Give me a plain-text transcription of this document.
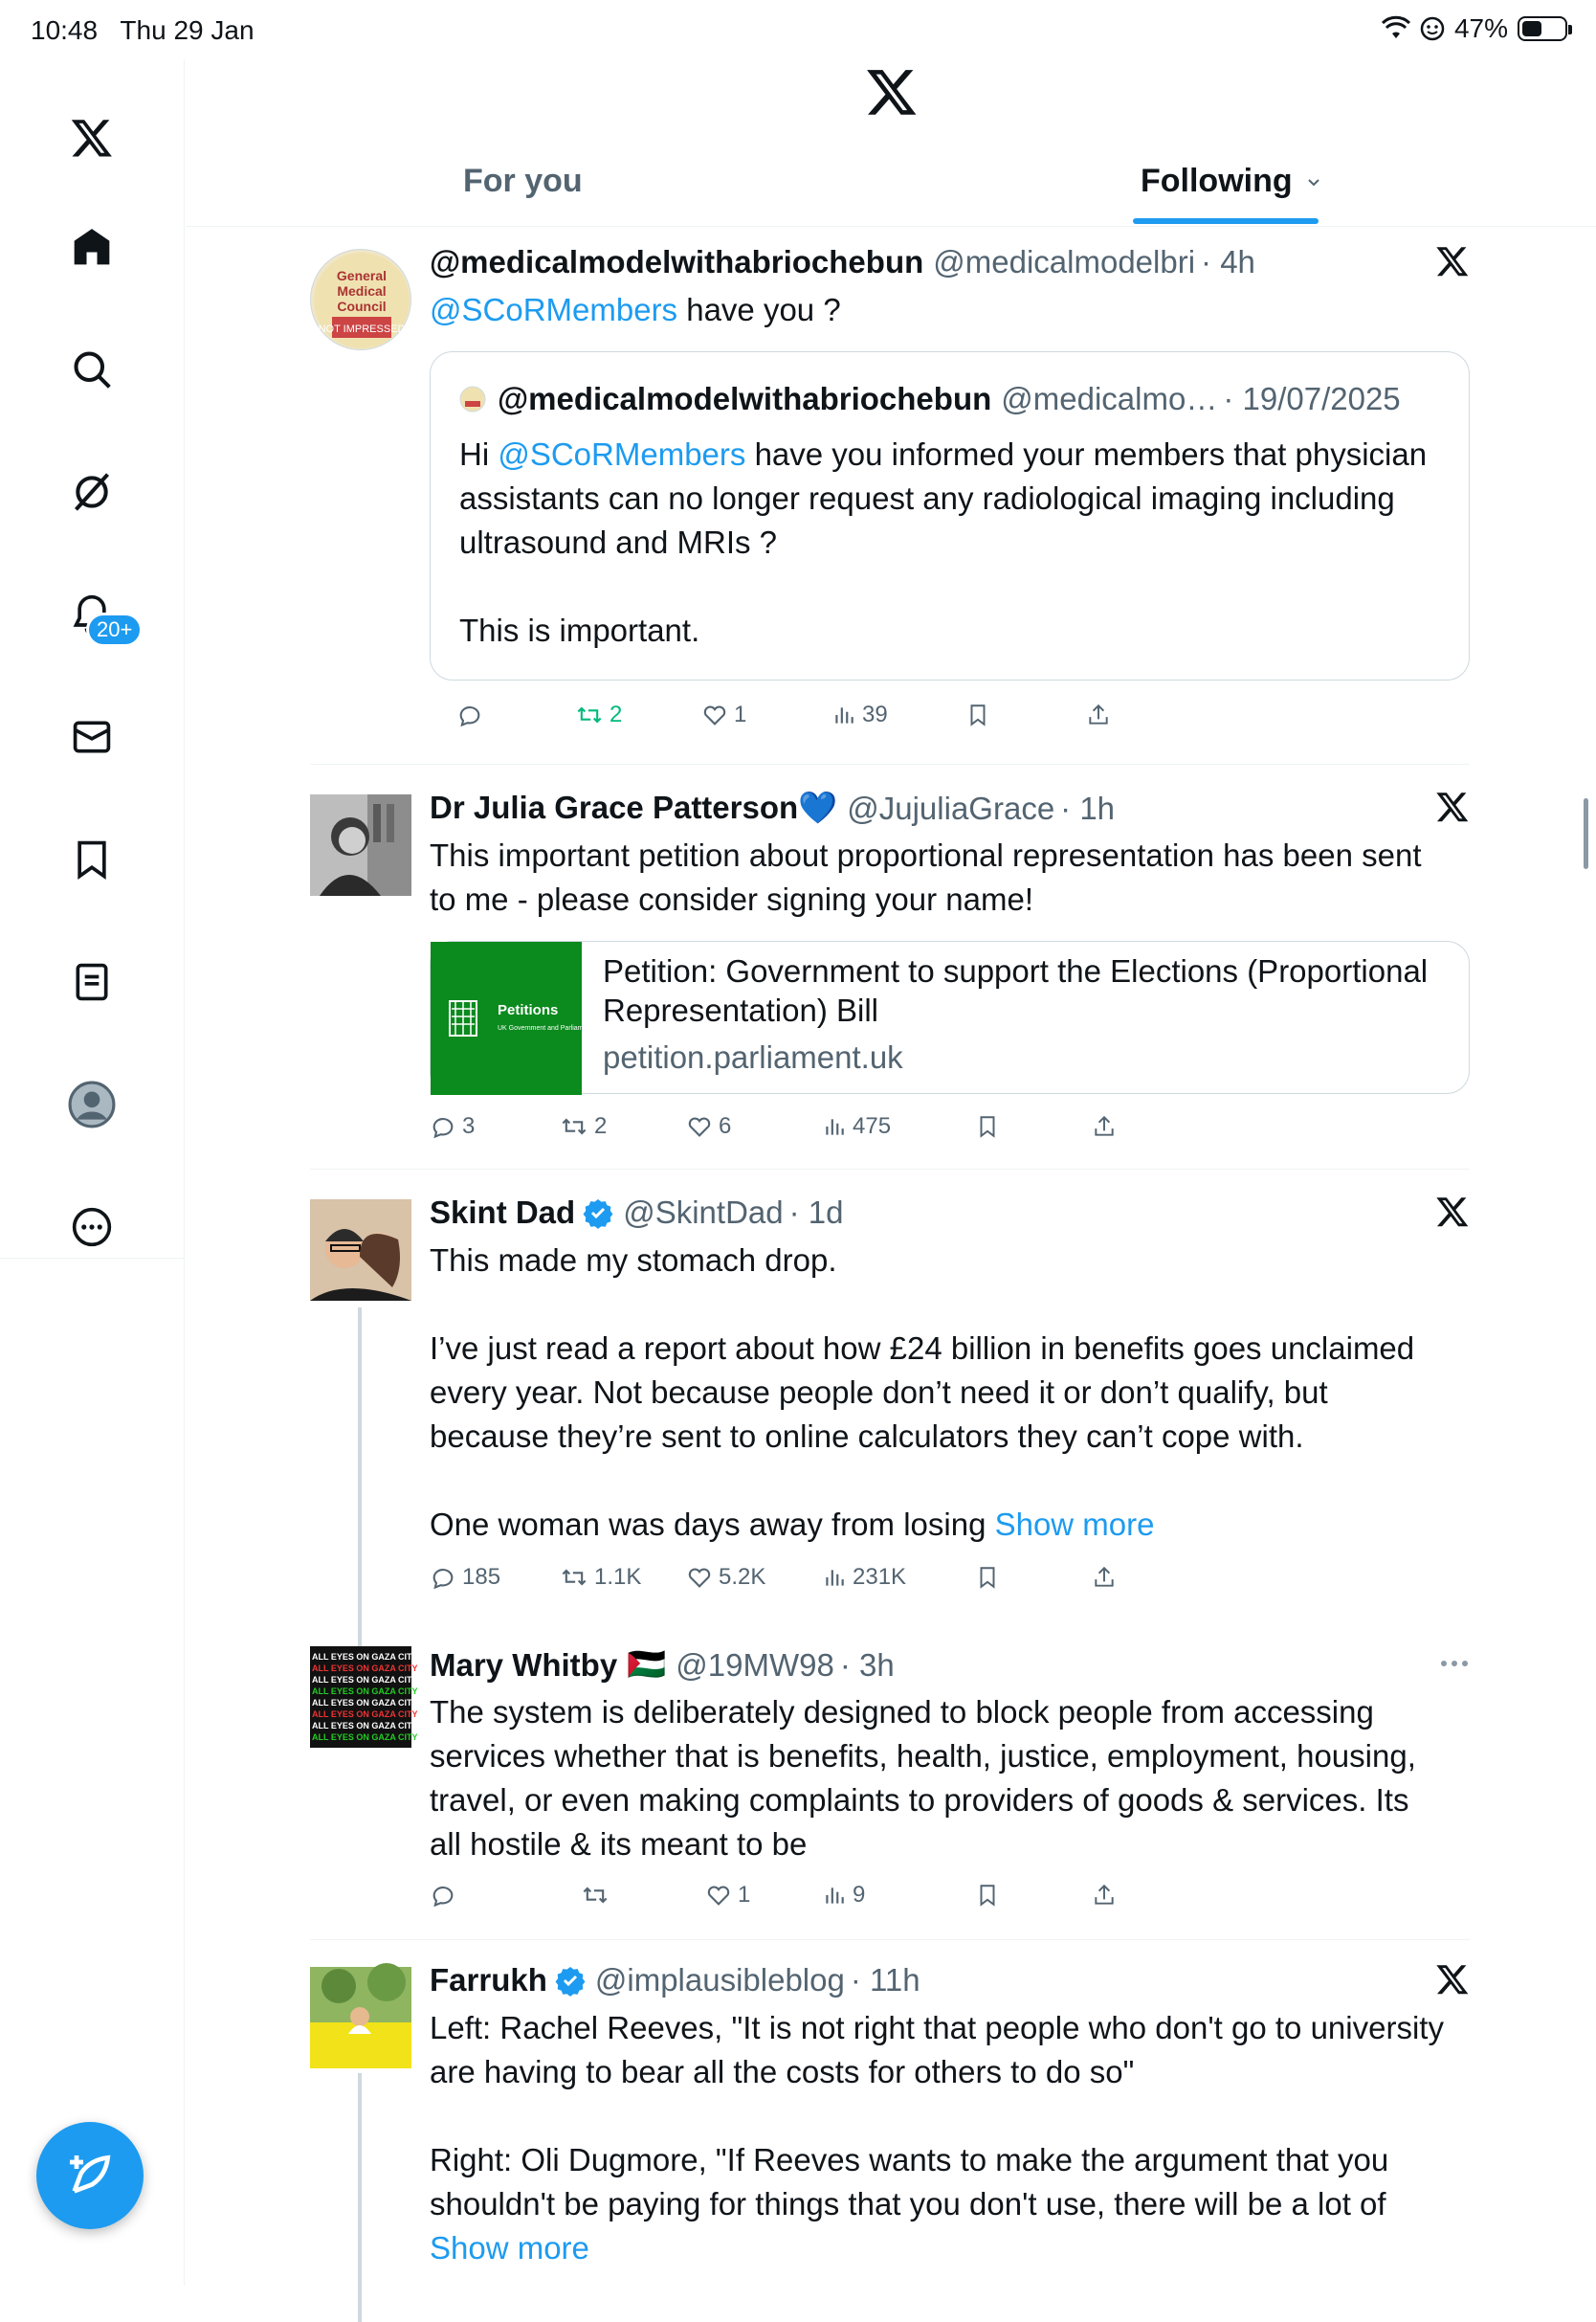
10:48 Thu 29 Jan	47%
20+
For you	Following
General
Medical
Council
NOT IMPRESSED
@medicalmodelwithabriochebun @medicalmodelbri · 4h
@SCoRMembers have you ?
@medicalmodelwithabriochebun @medicalmo… · 19/07/2025
Hi @SCoRMembers have you informed your members that physician assistants can no longer request any radiological imaging including ultrasound and MRIs ?

This is important.
2	1	39
Dr Julia Grace Patterson💙 @JujuliaGrace · 1h
This important petition about proportional representation has been sent to me - please consider signing your name!
Petitions
UK Government and Parliament
Petition: Government to support the Elections (Proportional Representation) Bill
petition.parliament.uk
3	2	6	475
Skint Dad @SkintDad · 1d
This made my stomach drop.

I’ve just read a report about how £24 billion in benefits goes unclaimed every year. Not because people don’t need it or don’t qualify, but because they’re sent to online calculators they can’t cope with.

One woman was days away from losing Show more
185	1.1K	5.2K	231K
ALL EYES ON GAZA CITY
ALL EYES ON GAZA CITY
ALL EYES ON GAZA CITY
ALL EYES ON GAZA CITY
ALL EYES ON GAZA CITY
ALL EYES ON GAZA CITY
ALL EYES ON GAZA CITY
ALL EYES ON GAZA CITY
Mary Whitby 🇵🇸 @19MW98 · 3h
The system is deliberately designed to block people from accessing services whether that is benefits, health, justice, employment, housing, travel, or even making complaints to providers of goods & services. Its all hostile & its meant to be
1	9
Farrukh @implausibleblog · 11h
Left: Rachel Reeves, "It is not right that people who don't go to university are having to bear all the costs for others to do so"

Right: Oli Dugmore, "If Reeves wants to make the argument that you shouldn't be paying for things that you don't use, there will be a lot of Show more
